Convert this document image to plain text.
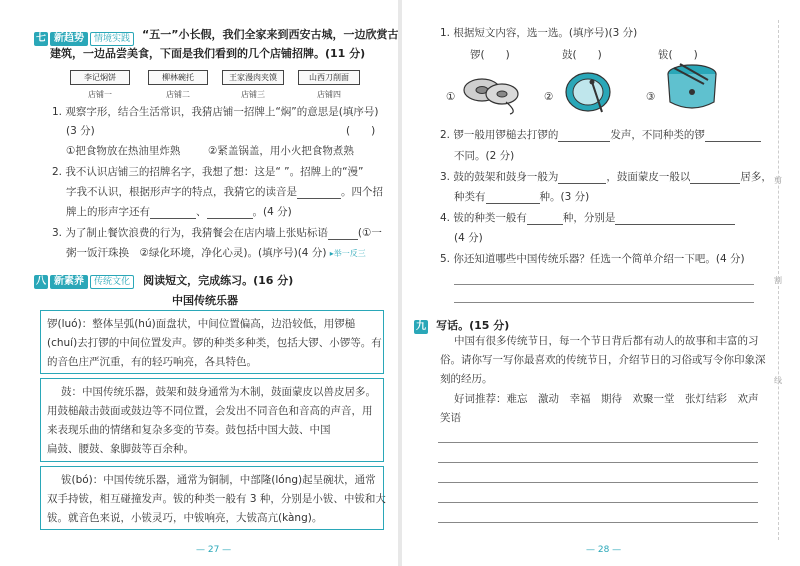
七 新趋势 情境实践	“五一”小长假，我们全家来到西安古城，一边欣赏古
建筑，一边品尝美食，下面是我们看到的几个店铺招牌。(11 分)
李记焖饼
店铺一
柳林碗托
店铺二
王家漫肉夹馍
店铺三
山西刀削面
店铺四
1. 观察字形，结合生活常识，我猜店铺一招牌上“焖”的意思是(填序号)
(3 分)	(　　)
①把食物放在热油里炸熟	②紧盖锅盖，用小火把食物煮熟
2. 我不认识店铺三的招牌名字，我想了想：这是“ ”。招牌上的“漫”
字我不认识，根据形声字的特点，我猜它的读音是	。四个招
牌上的形声字还有	、	。(4 分)
3. 为了制止餐饮浪费的行为，我猜餐会在店内墙上张贴标语	(①一
粥一饭汗珠换　②绿化环境，净化心灵)。(填序号)(4 分) ▸举一反三
八 新素养 传统文化 阅读短文，完成练习。(16 分)
中国传统乐器
锣(luó)：整体呈弧(hú)面盘状，中间位置偏高，边沿较低，用锣槌
(chuí)去打锣的中间位置发声。锣的种类多种类，包括大锣、小锣等。有
的音色庄严沉重，有的轻巧响亮，各具特色。
鼓：中国传统乐器，鼓架和鼓身通常为木制，鼓面蒙皮以兽皮居多。
用鼓槌敲击鼓面或鼓边等不同位置，会发出不同音色和音高的声音，用
来表现乐曲的情绪和复杂多变的节奏。鼓包括中国大鼓、中国
扁鼓、腰鼓、象脚鼓等百余种。
钹(bó)：中国传统乐器，通常为铜制，中部隆(lóng)起呈碗状，通常
双手持钹，相互碰撞发声。钹的种类一般有 3 种，分别是小钹、中钹和大
钹。就音色来说，小钹灵巧，中钹响亮，大钹高亢(kàng)。
— 27 —
1. 根据短文内容，选一选。(填序号)(3 分)
锣(　　)	鼓(　　)	钹(　　)
①	②	③
2. 锣一般用锣槌去打锣的	发声，不同种类的锣
不同。(2 分)
3. 鼓的鼓架和鼓身一般为	，鼓面蒙皮一般以	居多，
种类有	种。(3 分)
4. 钹的种类一般有	种，分别是
(4 分)
5. 你还知道哪些中国传统乐器？任选一个简单介绍一下吧。(4 分)
九 写话。(15 分)
中国有很多传统节日，每一个节日背后都有动人的故事和丰富的习
俗。请你写一写你最喜欢的传统节日，介绍节日的习俗或写令你印象深
刻的经历。
好词推荐：难忘　激动　幸福　期待　欢聚一堂　张灯结彩　欢声
笑语
剪
割
线
— 28 —
